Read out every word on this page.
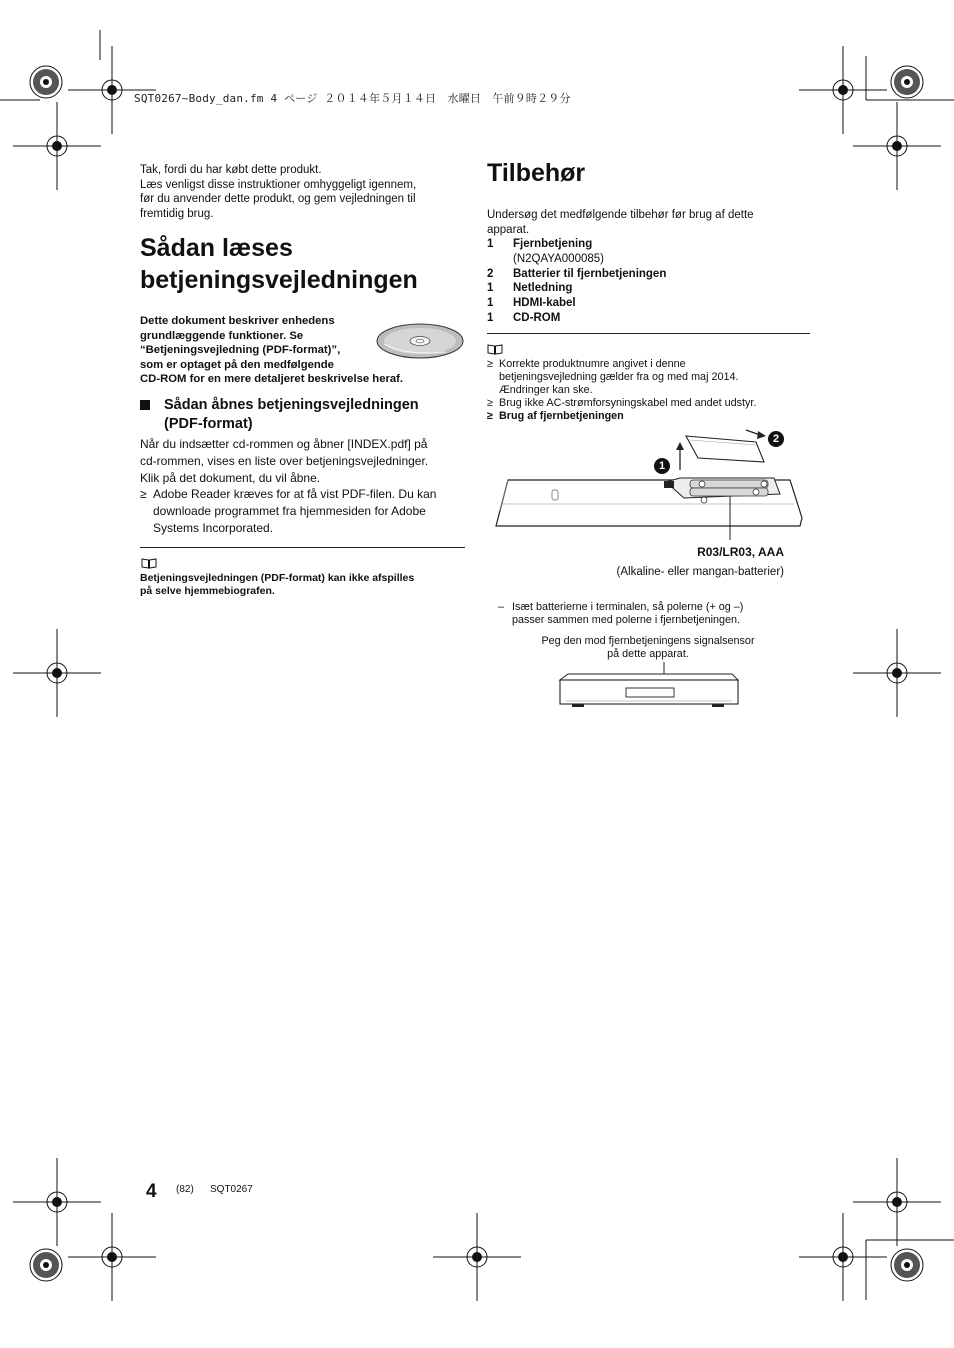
SQT0267~Body_dan.fm 4 ページ ２０１４年５月１４日　水曜日　午前９時２９分
Tak, fordi du har købt dette produkt.
Læs venligst disse instruktioner omhyggeligt igennem,
før du anvender dette produkt, og gem vejledningen til
fremtidig brug.
Sådan læses
betjeningsvejledningen
Dette dokument beskriver enhedens
grundlæggende funktioner. Se
“Betjeningsvejledning (PDF-format)”,
som er optaget på den medfølgende
CD-ROM for en mere detaljeret beskrivelse heraf.
Sådan åbnes betjeningsvejledningen
(PDF-format)
Når du indsætter cd-rommen og åbner [INDEX.pdf] på
cd-rommen, vises en liste over betjeningsvejledninger.
Klik på det dokument, du vil åbne.
≥ Adobe Reader kræves for at få vist PDF-filen. Du kan
downloade programmet fra hjemmesiden for Adobe
Systems Incorporated.
Betjeningsvejledningen (PDF-format) kan ikke afspilles
på selve hjemmebiografen.
Tilbehør
Undersøg det medfølgende tilbehør før brug af dette
apparat.
1	Fjernbetjening
(N2QAYA000085)
2	Batterier til fjernbetjeningen
1	Netledning
1	HDMI-kabel
1	CD-ROM
≥ Korrekte produktnumre angivet i denne
betjeningsvejledning gælder fra og med maj 2014.
Ændringer kan ske.
≥ Brug ikke AC-strømforsyningskabel med andet udstyr.
≥ Brug af fjernbetjeningen
1
2
R03/LR03, AAA
(Alkaline- eller mangan-batterier)
– Isæt batterierne i terminalen, så polerne (+ og –)
passer sammen med polerne i fjernbetjeningen.
Peg den mod fjernbetjeningens signalsensor
på dette apparat.
4 (82) SQT0267
